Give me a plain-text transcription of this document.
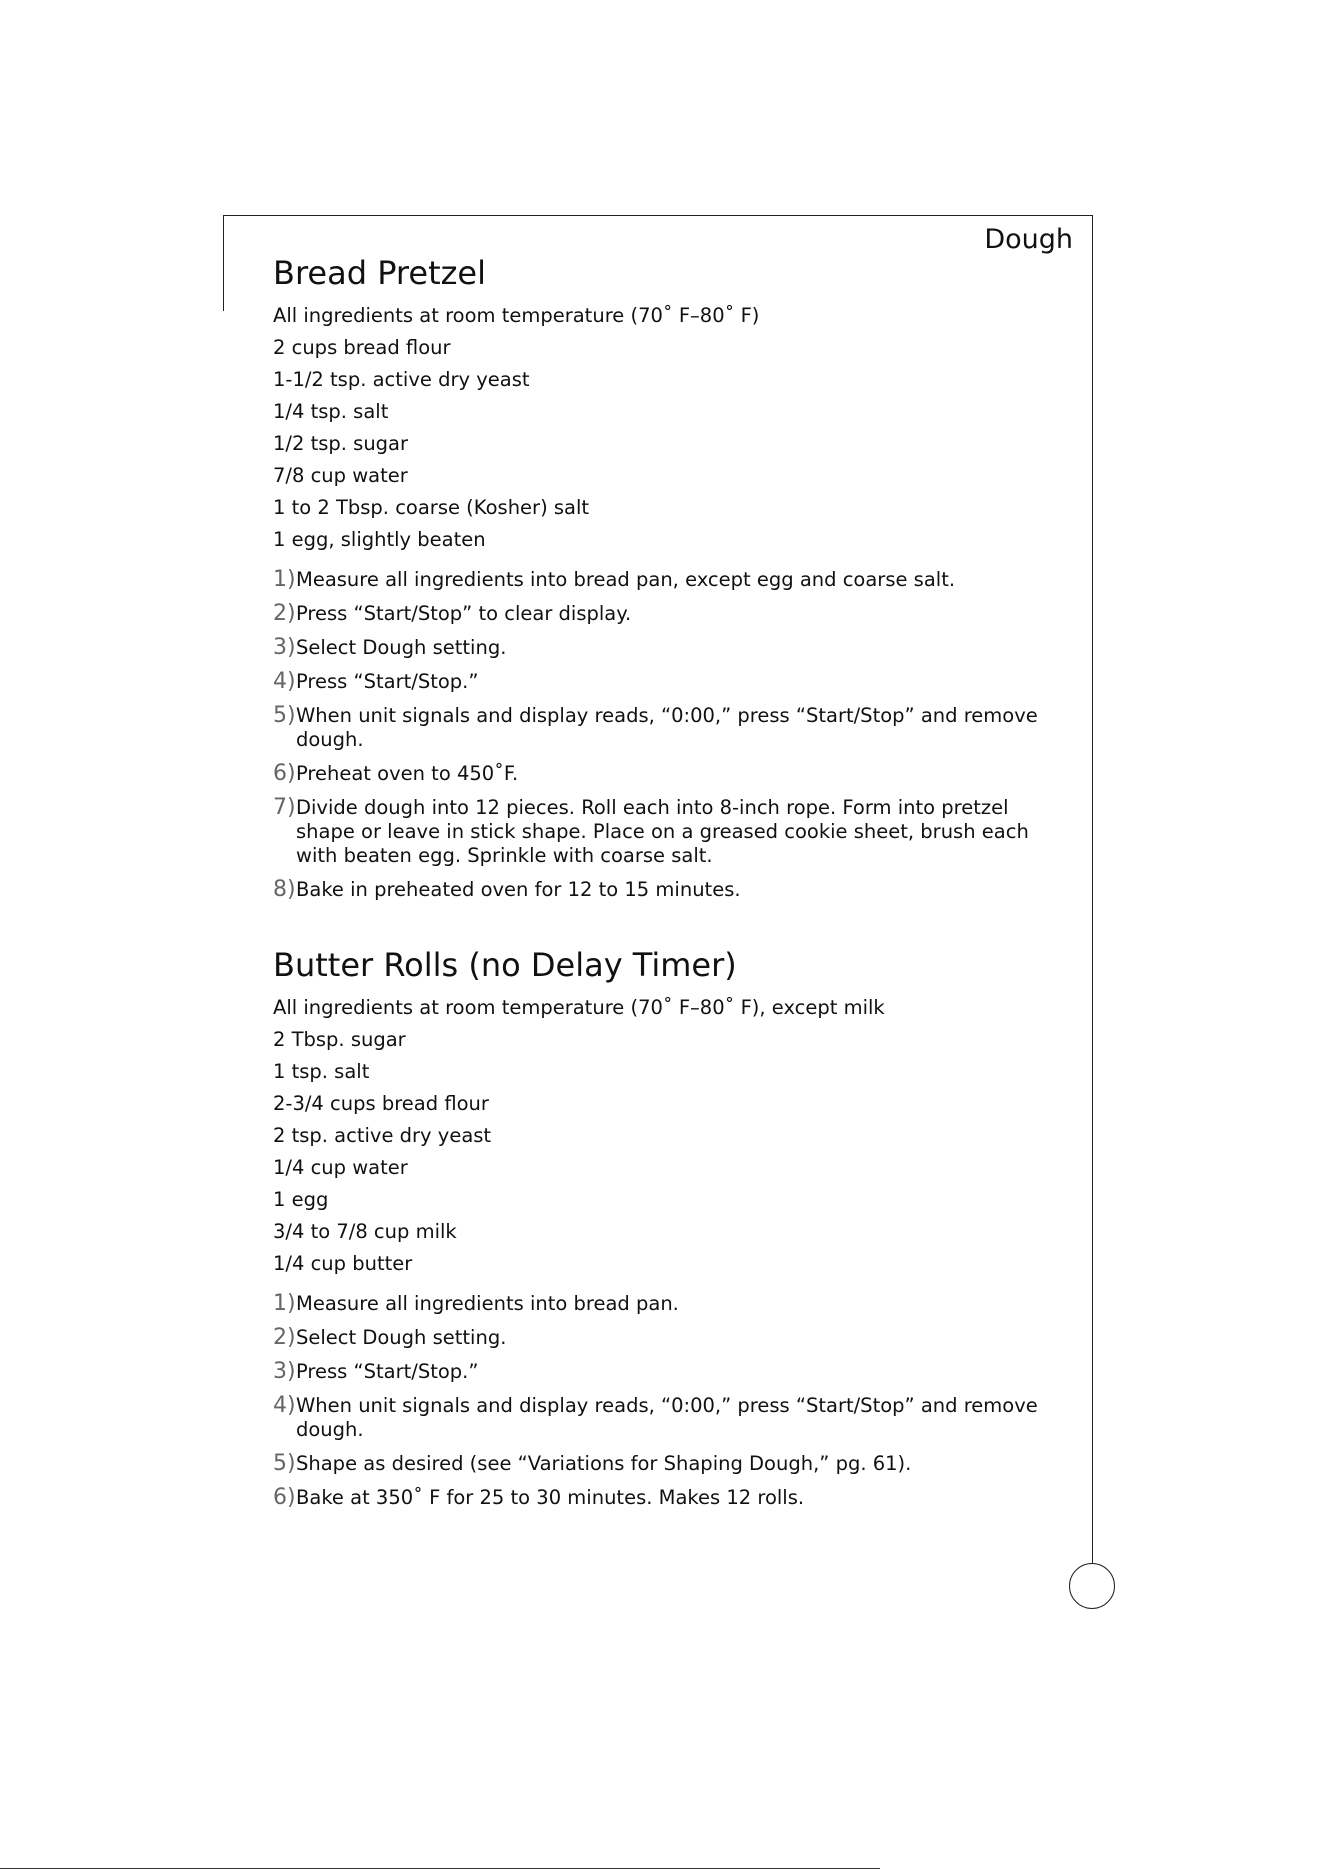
Dough
Bread Pretzel
All ingredients at room temperature (70˚ F–80˚ F)
2 cups bread flour
1-1/2 tsp. active dry yeast
1/4 tsp. salt
1/2 tsp. sugar
7/8 cup water
1 to 2 Tbsp. coarse (Kosher) salt
1 egg, slightly beaten
1) Measure all ingredients into bread pan, except egg and coarse salt.
2) Press “Start/Stop” to clear display.
3) Select Dough setting.
4) Press “Start/Stop.”
5) When unit signals and display reads, “0:00,” press “Start/Stop” and remove dough.
6) Preheat oven to 450˚F.
7) Divide dough into 12 pieces. Roll each into 8-inch rope. Form into pretzel shape or leave in stick shape. Place on a greased cookie sheet, brush each with beaten egg. Sprinkle with coarse salt.
8) Bake in preheated oven for 12 to 15 minutes.
Butter Rolls (no Delay Timer)
All ingredients at room temperature (70˚ F–80˚ F), except milk
2 Tbsp. sugar
1 tsp. salt
2-3/4 cups bread flour
2 tsp. active dry yeast
1/4 cup water
1 egg
3/4 to 7/8 cup milk
1/4 cup butter
1) Measure all ingredients into bread pan.
2) Select Dough setting.
3) Press “Start/Stop.”
4) When unit signals and display reads, “0:00,” press “Start/Stop” and remove dough.
5) Shape as desired (see “Variations for Shaping Dough,” pg. 61).
6) Bake at 350˚ F for 25 to 30 minutes. Makes 12 rolls.
